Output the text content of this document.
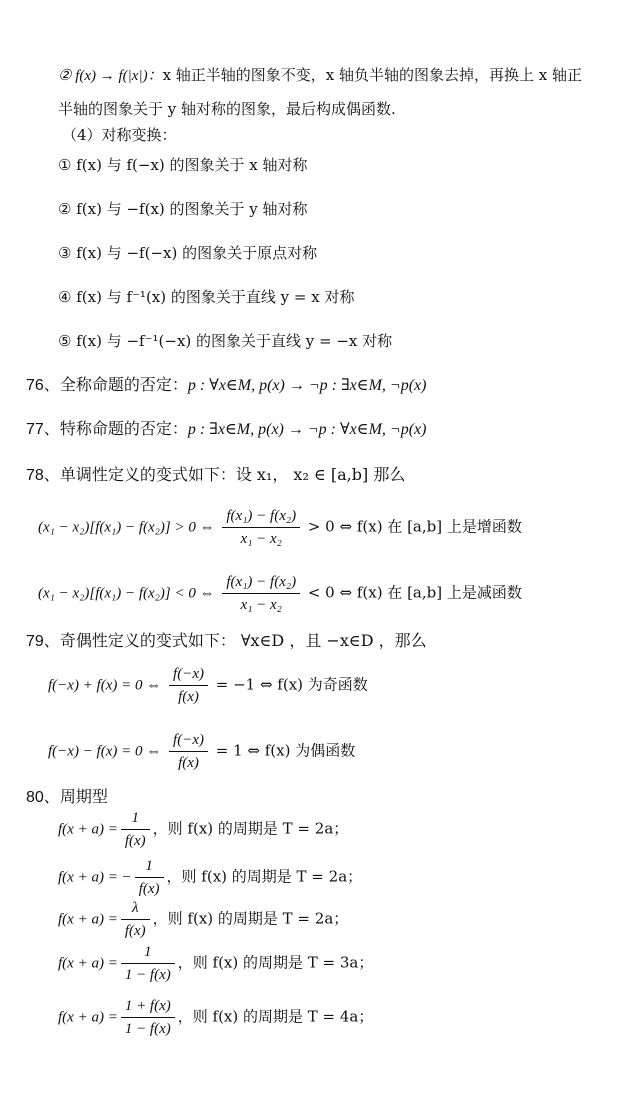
② f(x) → f(|x|)：x 轴正半轴的图象不变，x 轴负半轴的图象去掉，再换上 x 轴正
半轴的图象关于 y 轴对称的图象，最后构成偶函数.
（4）对称变换：
① f(x) 与 f(−x) 的图象关于 x 轴对称
② f(x) 与 −f(x) 的图象关于 y 轴对称
③ f(x) 与 −f(−x) 的图象关于原点对称
④ f(x) 与 f⁻¹(x) 的图象关于直线 y = x 对称
⑤ f(x) 与 −f⁻¹(−x) 的图象关于直线 y = −x 对称
76、全称命题的否定：p : ∀x∈M, p(x) → ¬p : ∃x∈M, ¬p(x)
77、特称命题的否定：p : ∃x∈M, p(x) → ¬p : ∀x∈M, ¬p(x)
78、单调性定义的变式如下：设 x₁， x₂ ∈ [a,b] 那么
(x₁ − x₂)[f(x₁) − f(x₂)] > 0 ⇔ $\frac{\text{f(x₁) − f(x₂)}}{\text{x₁ − x₂}} > 0$ ⇔ f(x) 在 [a,b] 上是增函数
(x₁ − x₂)[f(x₁) − f(x₂)] < 0 ⇔ $\frac{\text{f(x₁) − f(x₂)}}{\text{x₁ − x₂}} < 0$ ⇔ f(x) 在 [a,b] 上是减函数
79、奇偶性定义的变式如下： ∀x∈D ，且 −x∈D ，那么
f(−x) + f(x) = 0 ⇔ $\frac{f(-x)}{f(x)} = -1$ ⇔ f(x) 为奇函数
f(−x) − f(x) = 0 ⇔ $\frac{f(-x)}{f(x)} = 1$ ⇔ f(x) 为偶函数
80、周期型
$f(x + a) = \frac{1}{f(x)}$ ，则 f(x) 的周期是 T = 2a；
f(x + a) = − $\frac{1}{f(x)}$ ，则 f(x) 的周期是 T = 2a；
$f(x + a) = \frac{\lambda}{f(x)}$ ，则 f(x) 的周期是 T = 2a；
$f(x + a) = \frac{1}{1 - f(x)}$ ，则 f(x) 的周期是 T = 3a；
$f(x + a) = \frac{1 + f(x)}{1 - f(x)}$ ，则 f(x) 的周期是 T = 4a；
